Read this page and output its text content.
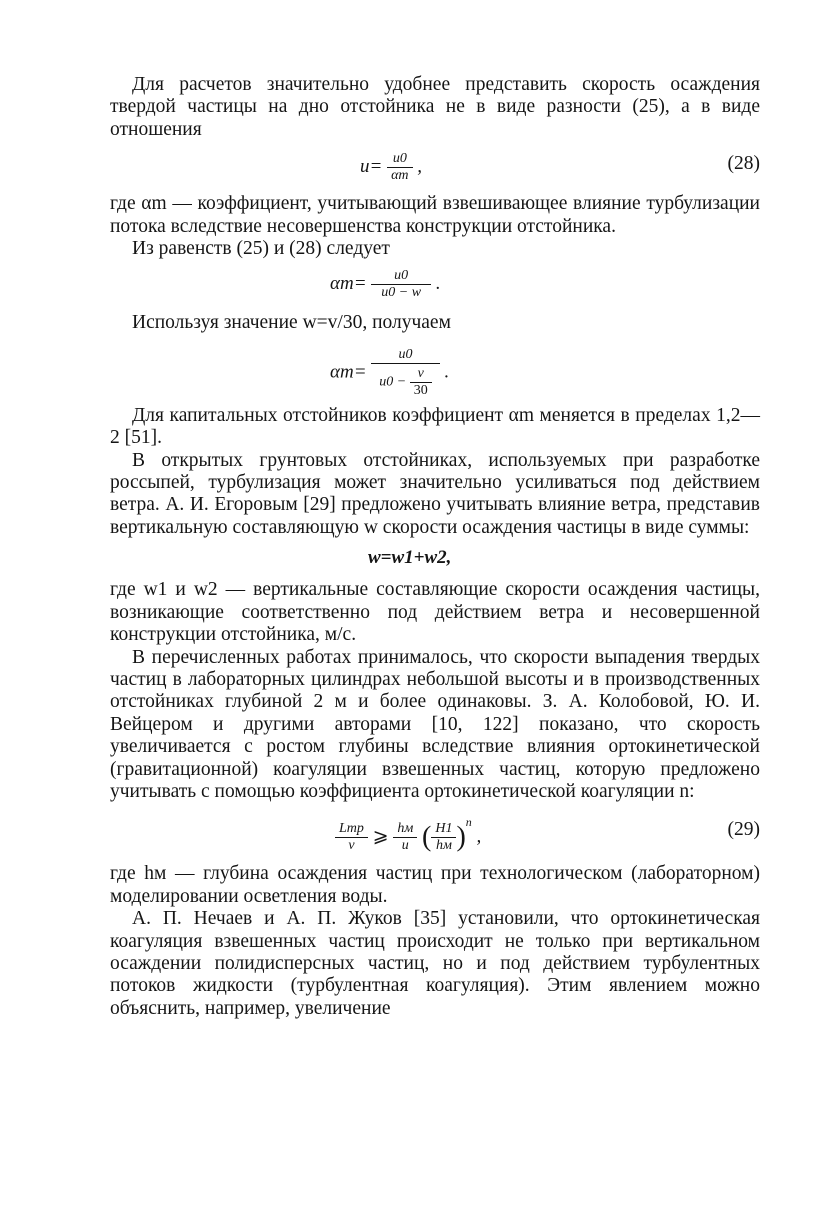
Для расчетов значительно удобнее представить скорость осаждения твердой частицы на дно отстойника не в виде разности (25), а в виде отношения

$u= \frac{u0}{\alpha m}$ ,	(28)

где αm — коэффициент, учитывающий взвешивающее влияние турбулизации потока вследствие несовершенства конструкции отстойника.

Из равенств (25) и (28) следует

$\alpha m= \frac{u0}{u0 - w}$ .

Используя значение w=v/30, получаем

$\alpha m= \frac{u0}{u0 - \frac{v}{30}}$ .

Для капитальных отстойников коэффициент αm меняется в пределах 1,2—2 [51].

В открытых грунтовых отстойниках, используемых при разработке россыпей, турбулизация может значительно усиливаться под действием ветра. А. И. Егоровым [29] предложено учитывать влияние ветра, представив вертикальную составляющую w скорости осаждения частицы в виде суммы:

w=w1+w2,

где w1 и w2 — вертикальные составляющие скорости осаждения частицы, возникающие соответственно под действием ветра и несовершенной конструкции отстойника, м/с.

В перечисленных работах принималось, что скорости выпадения твердых частиц в лабораторных цилиндрах небольшой высоты и в производственных отстойниках глубиной 2 м и более одинаковы. З. А. Колобовой, Ю. И. Вейцером и другими авторами [10, 122] показано, что скорость увеличивается с ростом глубины вследствие влияния ортокинетической (гравитационной) коагуляции взвешенных частиц, которую предложено учитывать с помощью коэффициента ортокинетической коагуляции n:

$\frac{\text{Lтр}}{v}$ ⩾ $\frac{hм}{u}$ ( $\frac{H1}{hм} )^n$ ,	(29)

где hм — глубина осаждения частиц при технологическом (лабораторном) моделировании осветления воды.

А. П. Нечаев и А. П. Жуков [35] установили, что ортокинетическая коагуляция взвешенных частиц происходит не только при вертикальном осаждении полидисперсных частиц, но и под действием турбулентных потоков жидкости (турбулентная коагуляция). Этим явлением можно объяснить, например, увеличение
